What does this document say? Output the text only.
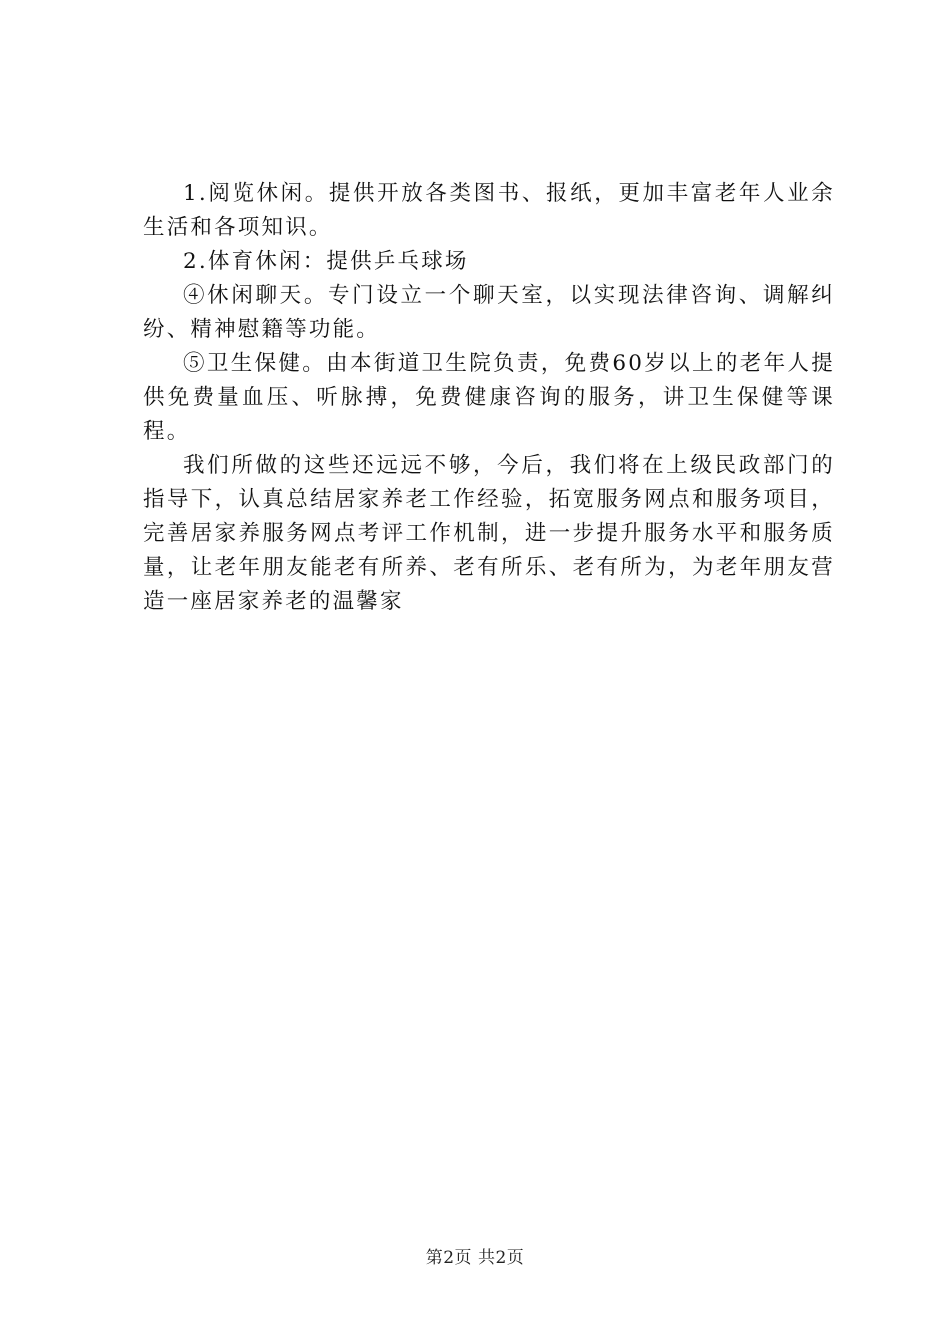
1.阅览休闲。提供开放各类图书、报纸，更加丰富老年人业余生活和各项知识。

2.体育休闲：提供乒乓球场

④休闲聊天。专门设立一个聊天室，以实现法律咨询、调解纠纷、精神慰籍等功能。

⑤卫生保健。由本街道卫生院负责，免费60岁以上的老年人提供免费量血压、听脉搏，免费健康咨询的服务，讲卫生保健等课程。

我们所做的这些还远远不够，今后，我们将在上级民政部门的指导下，认真总结居家养老工作经验，拓宽服务网点和服务项目，完善居家养服务网点考评工作机制，进一步提升服务水平和服务质量，让老年朋友能老有所养、老有所乐、老有所为，为老年朋友营造一座居家养老的温馨家

第2页 共2页
